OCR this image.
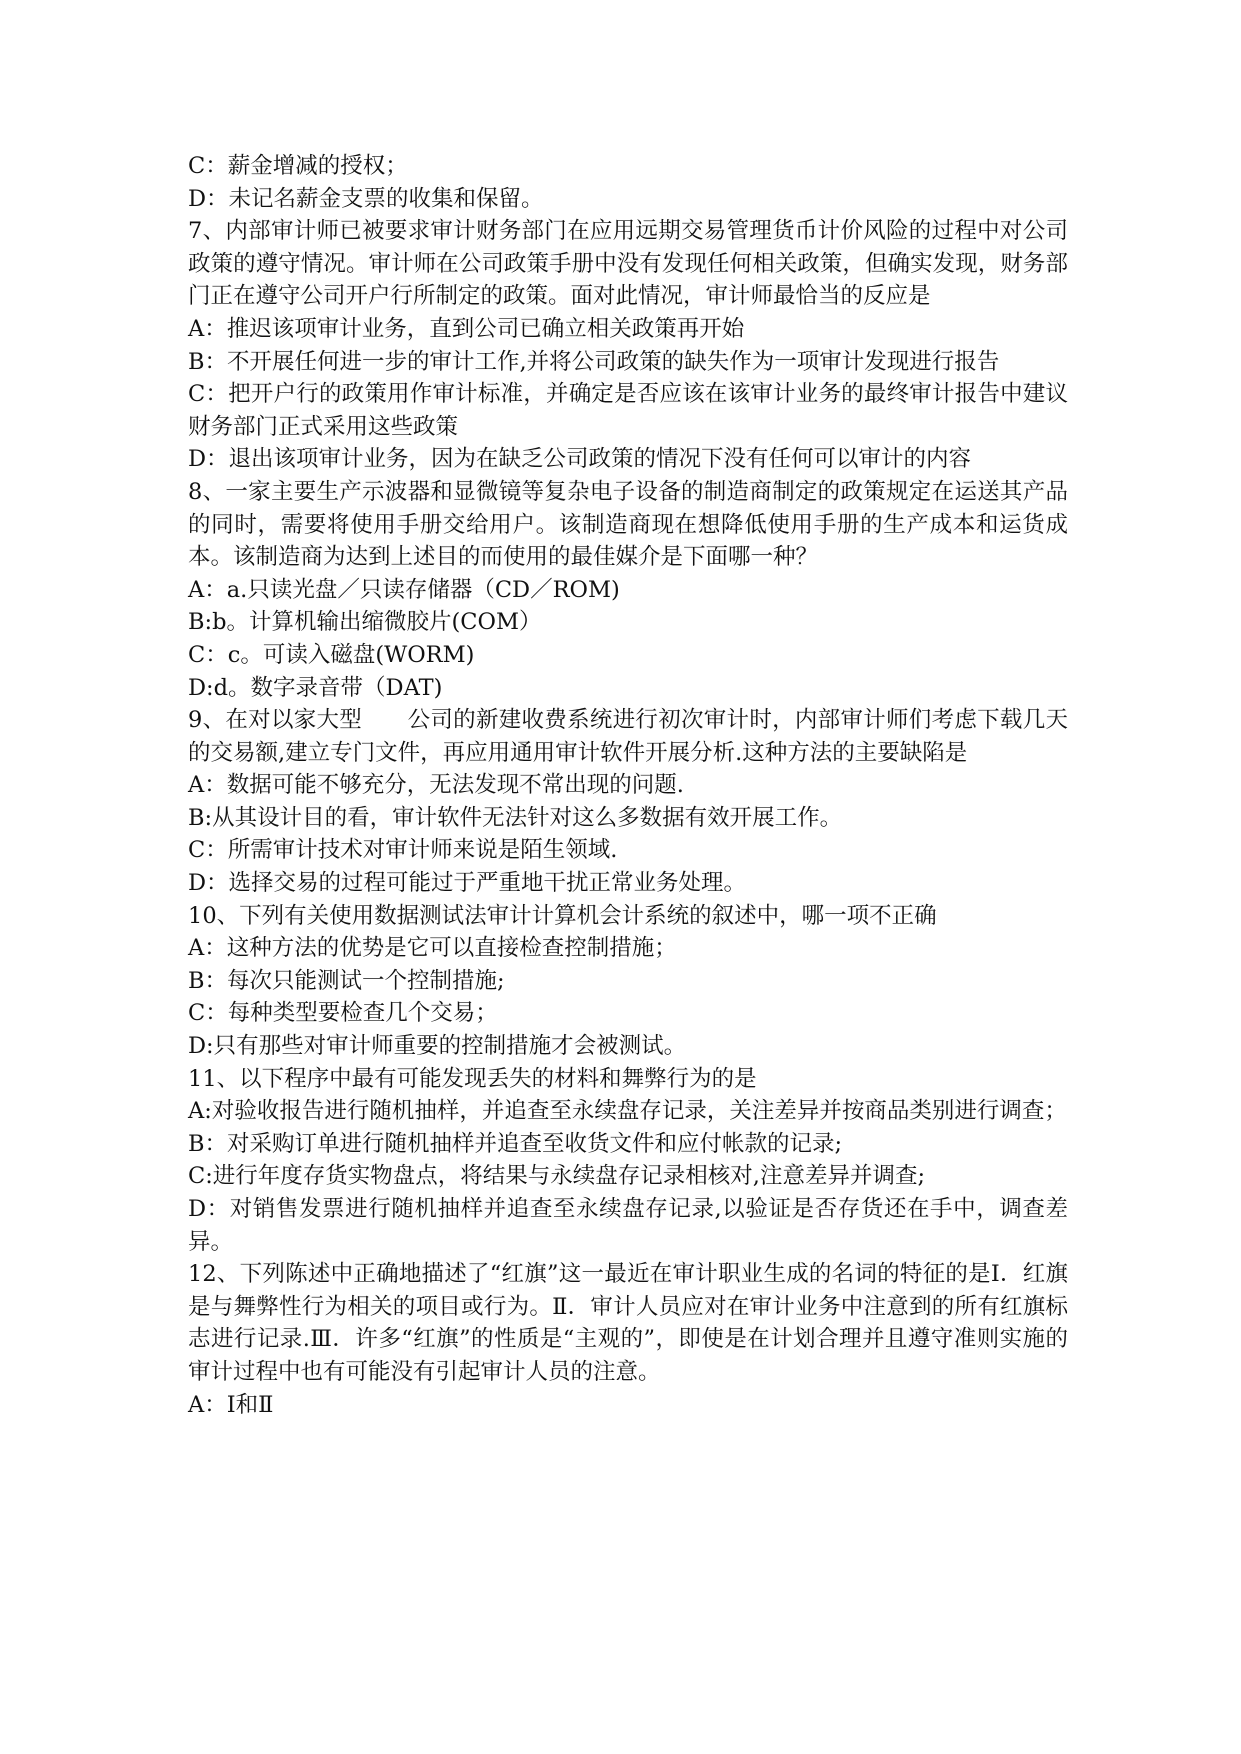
C：薪金增减的授权；

D：未记名薪金支票的收集和保留。

7、内部审计师已被要求审计财务部门在应用远期交易管理货币计价风险的过程中对公司政策的遵守情况。审计师在公司政策手册中没有发现任何相关政策，但确实发现，财务部门正在遵守公司开户行所制定的政策。面对此情况，审计师最恰当的反应是

A：推迟该项审计业务，直到公司已确立相关政策再开始

B：不开展任何进一步的审计工作,并将公司政策的缺失作为一项审计发现进行报告

C：把开户行的政策用作审计标准，并确定是否应该在该审计业务的最终审计报告中建议财务部门正式采用这些政策

D：退出该项审计业务，因为在缺乏公司政策的情况下没有任何可以审计的内容

8、一家主要生产示波器和显微镜等复杂电子设备的制造商制定的政策规定在运送其产品的同时，需要将使用手册交给用户。该制造商现在想降低使用手册的生产成本和运货成本。该制造商为达到上述目的而使用的最佳媒介是下面哪一种？

A：a.只读光盘／只读存储器（CD／ROM)

B:b。计算机输出缩微胶片(COM）

C：c。可读入磁盘(WORM)

D:d。数字录音带（DAT)

9、在对以家大型　　公司的新建收费系统进行初次审计时，内部审计师们考虑下载几天的交易额,建立专门文件，再应用通用审计软件开展分析.这种方法的主要缺陷是

A：数据可能不够充分，无法发现不常出现的问题.

B:从其设计目的看，审计软件无法针对这么多数据有效开展工作。

C：所需审计技术对审计师来说是陌生领域.

D：选择交易的过程可能过于严重地干扰正常业务处理。

10、下列有关使用数据测试法审计计算机会计系统的叙述中，哪一项不正确

A：这种方法的优势是它可以直接检查控制措施；

B：每次只能测试一个控制措施;

C：每种类型要检查几个交易；

D:只有那些对审计师重要的控制措施才会被测试。

11、以下程序中最有可能发现丢失的材料和舞弊行为的是

A:对验收报告进行随机抽样，并追查至永续盘存记录，关注差异并按商品类别进行调查；

B：对采购订单进行随机抽样并追查至收货文件和应付帐款的记录;

C:进行年度存货实物盘点，将结果与永续盘存记录相核对,注意差异并调查;

D：对销售发票进行随机抽样并追查至永续盘存记录,以验证是否存货还在手中，调查差异。

12、下列陈述中正确地描述了“红旗”这一最近在审计职业生成的名词的特征的是Ⅰ．红旗是与舞弊性行为相关的项目或行为。Ⅱ．审计人员应对在审计业务中注意到的所有红旗标志进行记录.Ⅲ．许多“红旗”的性质是“主观的”，即使是在计划合理并且遵守准则实施的审计过程中也有可能没有引起审计人员的注意。

A：Ⅰ和Ⅱ
